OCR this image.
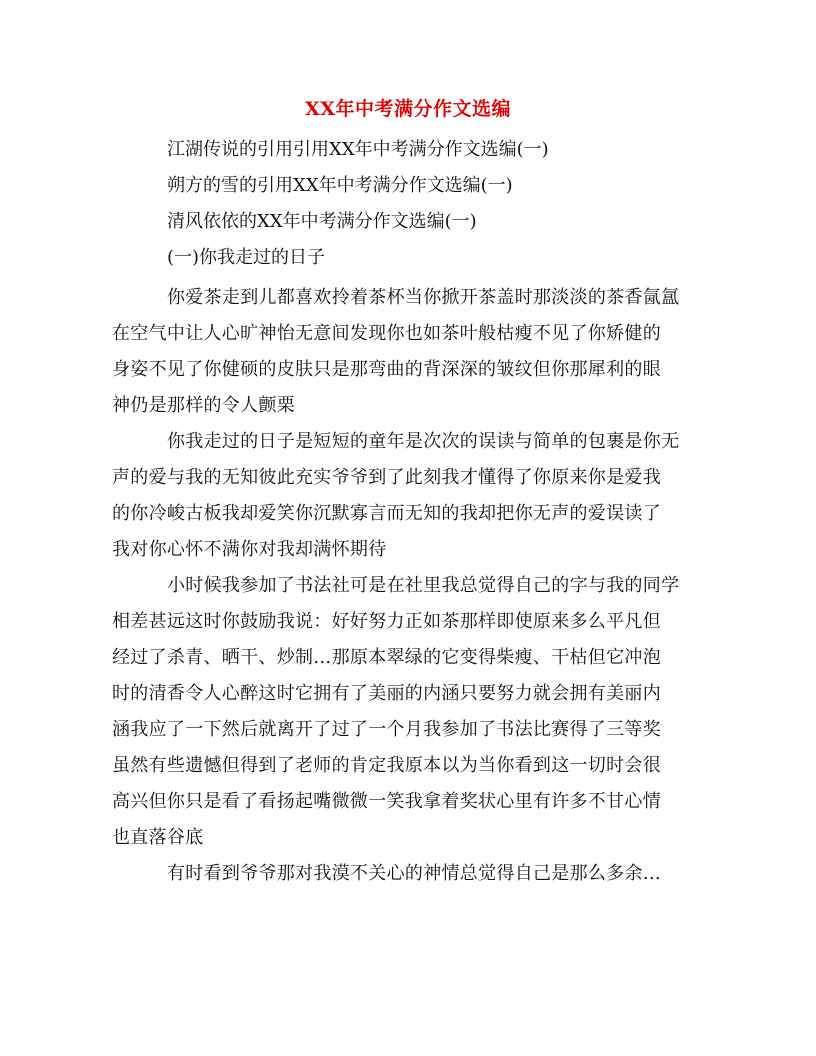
XX年中考满分作文选编

江湖传说的引用引用XX年中考满分作文选编(一)

朔方的雪的引用XX年中考满分作文选编(一)

清风依依的XX年中考满分作文选编(一)

(一)你我走过的日子

你爱茶走到儿都喜欢拎着茶杯当你掀开茶盖时那淡淡的茶香氤氲

在空气中让人心旷神怡无意间发现你也如茶叶般枯瘦不见了你矫健的

身姿不见了你健硕的皮肤只是那弯曲的背深深的皱纹但你那犀利的眼

神仍是那样的令人颤栗

你我走过的日子是短短的童年是次次的误读与简单的包裹是你无

声的爱与我的无知彼此充实爷爷到了此刻我才懂得了你原来你是爱我

的你冷峻古板我却爱笑你沉默寡言而无知的我却把你无声的爱误读了

我对你心怀不满你对我却满怀期待

小时候我参加了书法社可是在社里我总觉得自己的字与我的同学

相差甚远这时你鼓励我说：好好努力正如茶那样即使原来多么平凡但

经过了杀青、晒干、炒制…那原本翠绿的它变得柴瘦、干枯但它冲泡

时的清香令人心醉这时它拥有了美丽的内涵只要努力就会拥有美丽内

涵我应了一下然后就离开了过了一个月我参加了书法比赛得了三等奖

虽然有些遗憾但得到了老师的肯定我原本以为当你看到这一切时会很

高兴但你只是看了看扬起嘴微微一笑我拿着奖状心里有许多不甘心情

也直落谷底

有时看到爷爷那对我漠不关心的神情总觉得自己是那么多余…
